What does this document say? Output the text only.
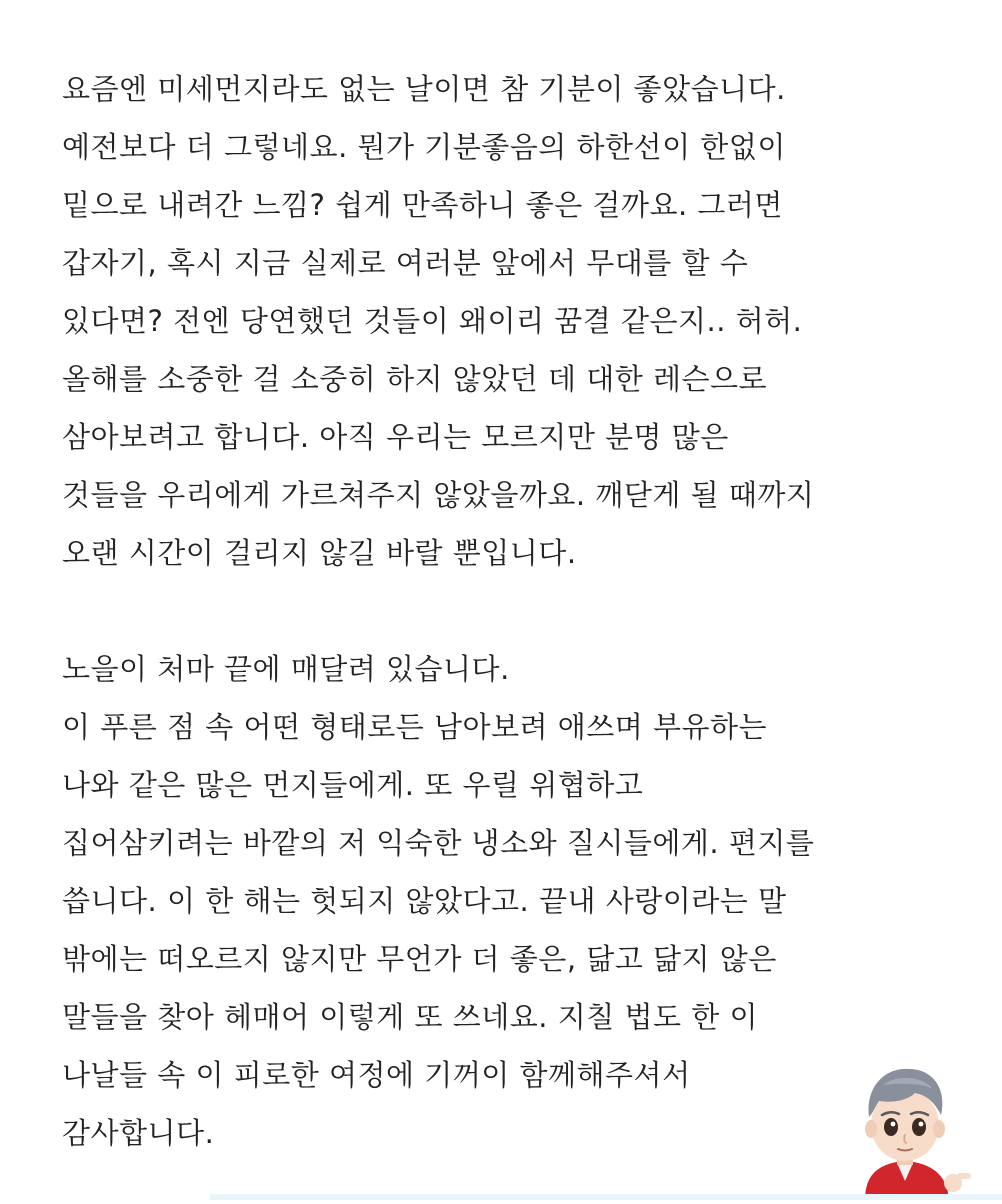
요즘엔 미세먼지라도 없는 날이면 참 기분이 좋았습니다.
예전보다 더 그렇네요. 뭔가 기분좋음의 하한선이 한없이
밑으로 내려간 느낌? 쉽게 만족하니 좋은 걸까요. 그러면
갑자기, 혹시 지금 실제로 여러분 앞에서 무대를 할 수
있다면? 전엔 당연했던 것들이 왜이리 꿈결 같은지.. 허허.
올해를 소중한 걸 소중히 하지 않았던 데 대한 레슨으로
삼아보려고 합니다. 아직 우리는 모르지만 분명 많은
것들을 우리에게 가르쳐주지 않았을까요. 깨닫게 될 때까지
오랜 시간이 걸리지 않길 바랄 뿐입니다.
노을이 처마 끝에 매달려 있습니다.
이 푸른 점 속 어떤 형태로든 남아보려 애쓰며 부유하는
나와 같은 많은 먼지들에게. 또 우릴 위협하고
집어삼키려는 바깥의 저 익숙한 냉소와 질시들에게. 편지를
씁니다. 이 한 해는 헛되지 않았다고. 끝내 사랑이라는 말
밖에는 떠오르지 않지만 무언가 더 좋은, 닮고 닮지 않은
말들을 찾아 헤매어 이렇게 또 쓰네요. 지칠 법도 한 이
나날들 속 이 피로한 여정에 기꺼이 함께해주셔서
감사합니다.
